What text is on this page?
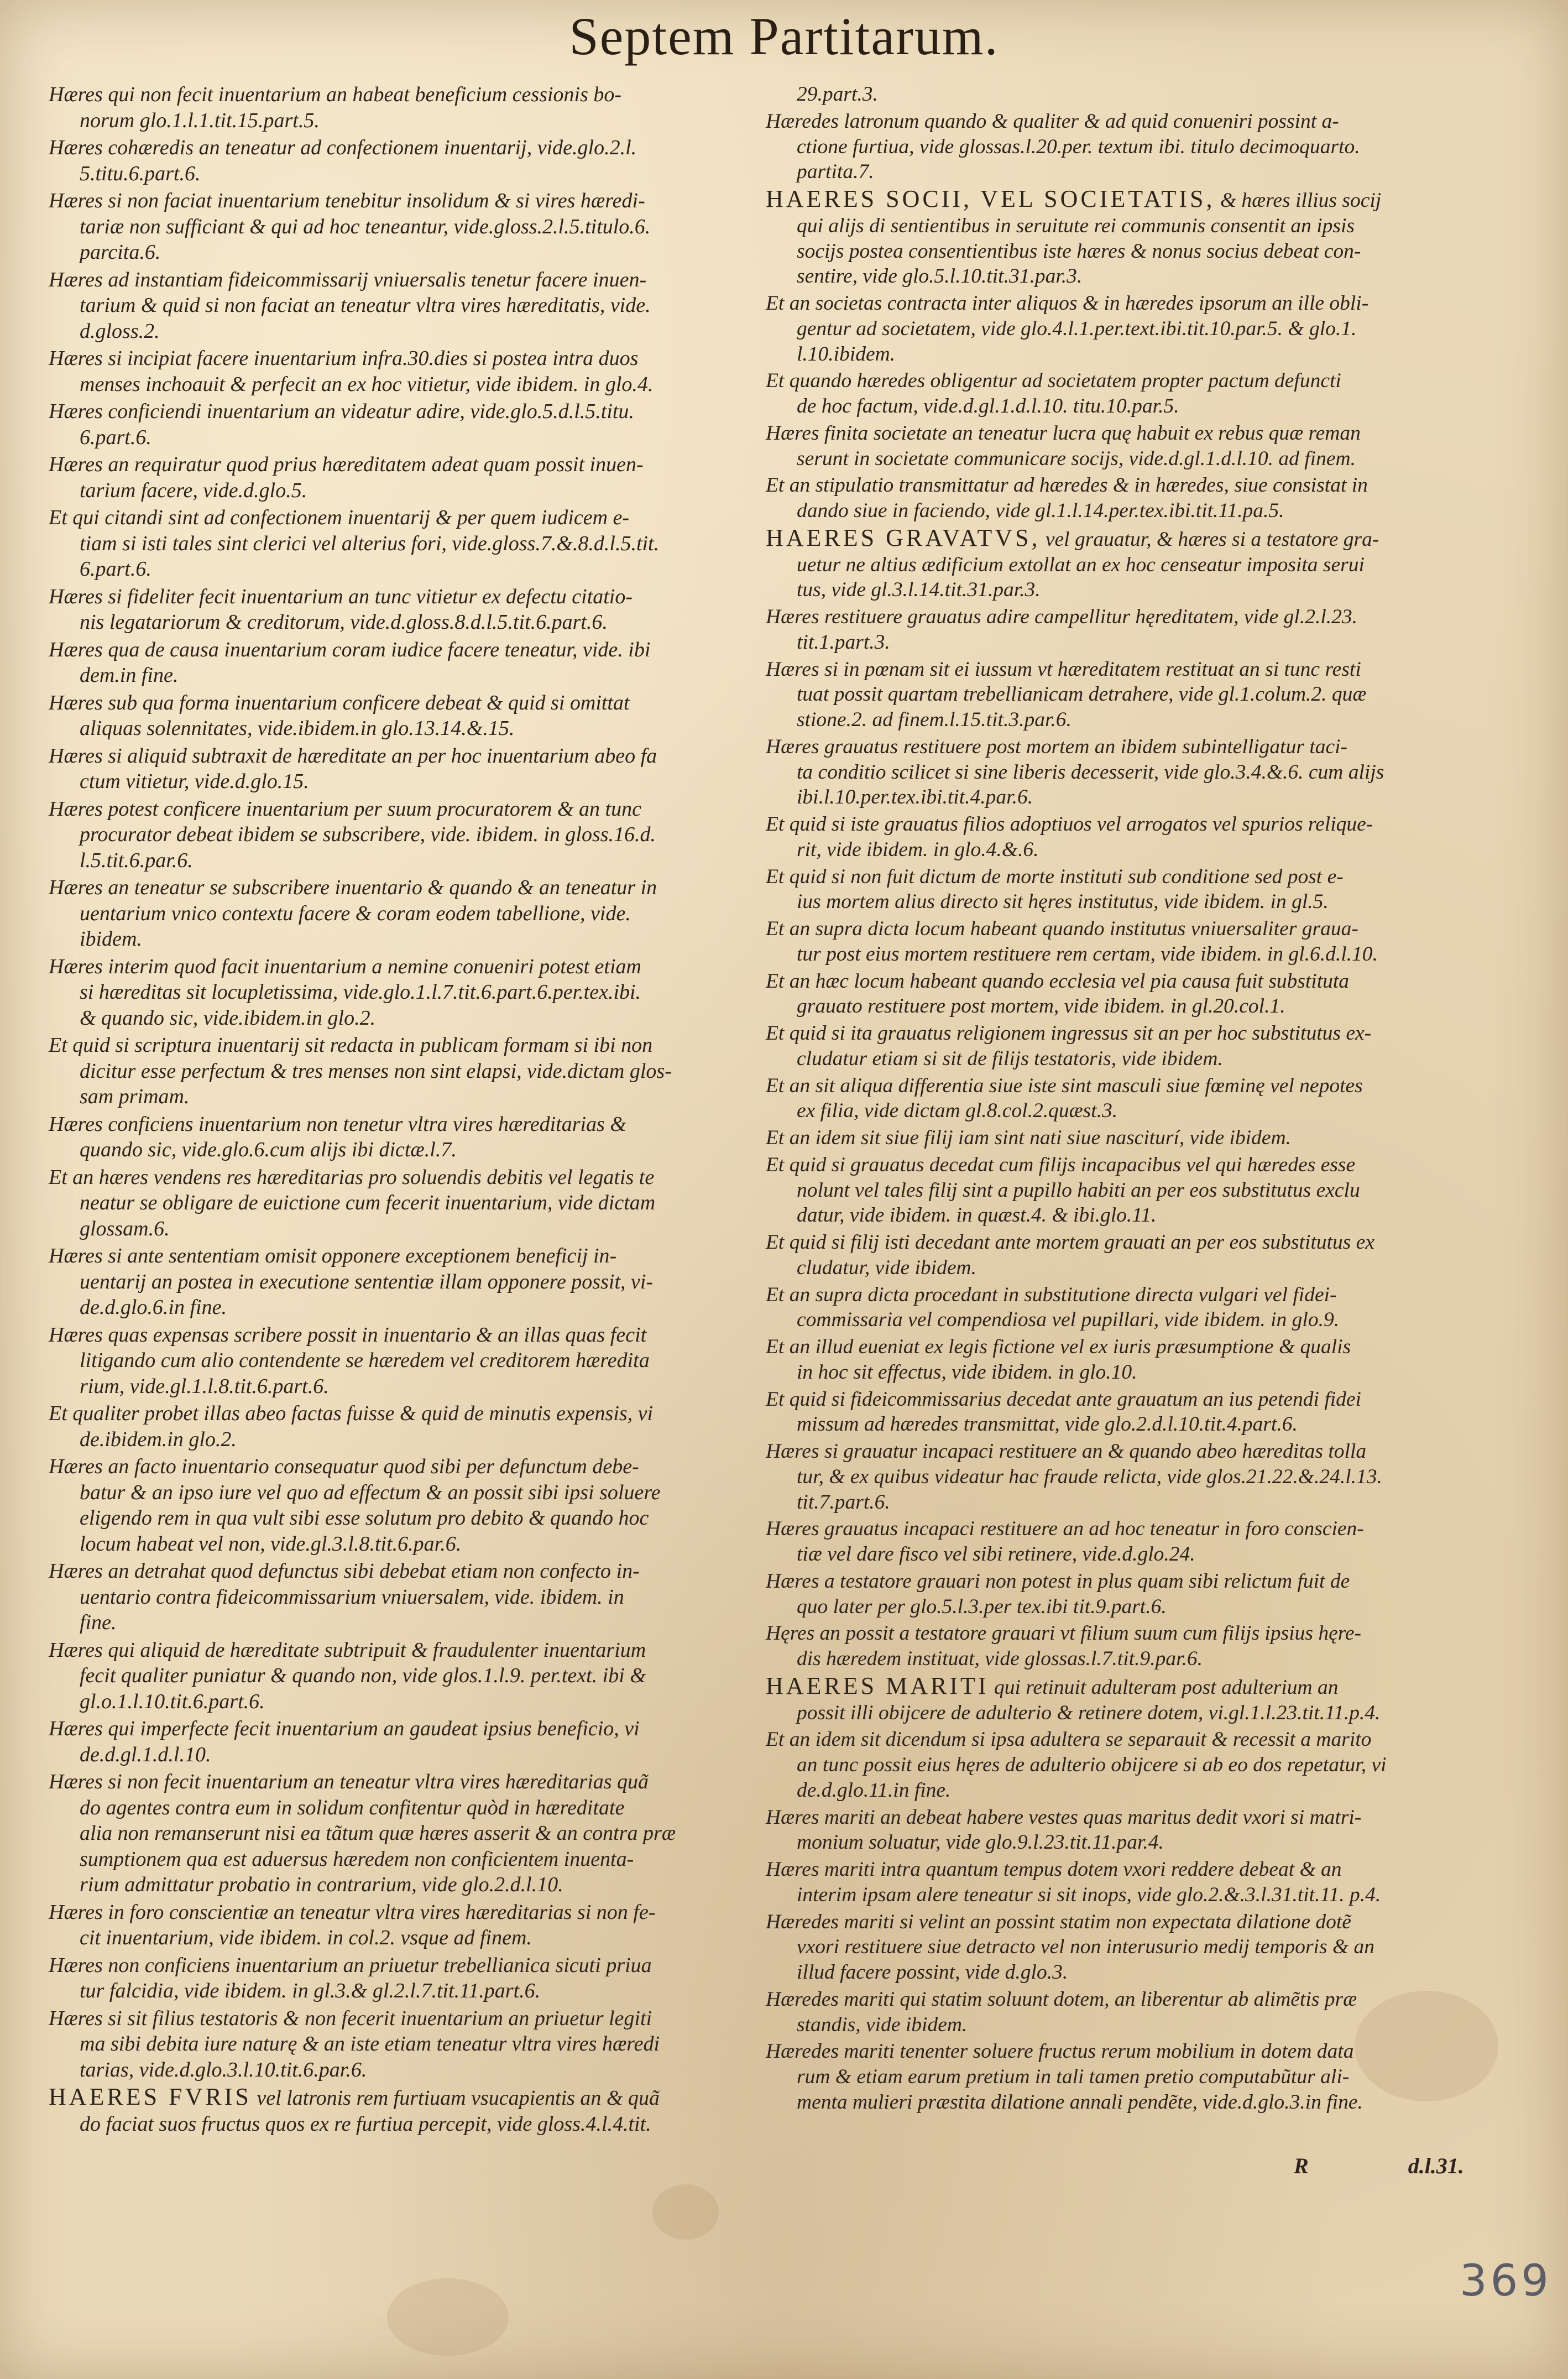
Septem Partitarum.

Hæres qui non fecit inuentarium an habeat beneficium cessionis bo-
norum glo.1.l.1.tit.15.part.5.

Hæres cohæredis an teneatur ad confectionem inuentarij, vide.glo.2.l.
5.titu.6.part.6.

Hæres si non faciat inuentarium tenebitur insolidum & si vires hæredi-
tariæ non sufficiant & qui ad hoc teneantur, vide.gloss.2.l.5.titulo.6.
parcita.6.

Hæres ad instantiam fideicommissarij vniuersalis tenetur facere inuen-
tarium & quid si non faciat an teneatur vltra vires hæreditatis, vide.
d.gloss.2.

Hæres si incipiat facere inuentarium infra.30.dies si postea intra duos
menses inchoauit & perfecit an ex hoc vitietur, vide ibidem. in glo.4.

Hæres conficiendi inuentarium an videatur adire, vide.glo.5.d.l.5.titu.
6.part.6.

Hæres an requiratur quod prius hæreditatem adeat quam possit inuen-
tarium facere, vide.d.glo.5.

Et qui citandi sint ad confectionem inuentarij & per quem iudicem e-
tiam si isti tales sint clerici vel alterius fori, vide.gloss.7.&.8.d.l.5.tit.
6.part.6.

Hæres si fideliter fecit inuentarium an tunc vitietur ex defectu citatio-
nis legatariorum & creditorum, vide.d.gloss.8.d.l.5.tit.6.part.6.

Hæres qua de causa inuentarium coram iudice facere teneatur, vide. ibi
dem.in fine.

Hæres sub qua forma inuentarium conficere debeat & quid si omittat
aliquas solennitates, vide.ibidem.in glo.13.14.&.15.

Hæres si aliquid subtraxit de hæreditate an per hoc inuentarium abeo fa
ctum vitietur, vide.d.glo.15.

Hæres potest conficere inuentarium per suum procuratorem & an tunc
procurator debeat ibidem se subscribere, vide. ibidem. in gloss.16.d.
l.5.tit.6.par.6.

Hæres an teneatur se subscribere inuentario & quando & an teneatur in
uentarium vnico contextu facere & coram eodem tabellione, vide.
ibidem.

Hæres interim quod facit inuentarium a nemine conueniri potest etiam
si hæreditas sit locupletissima, vide.glo.1.l.7.tit.6.part.6.per.tex.ibi.
& quando sic, vide.ibidem.in glo.2.

Et quid si scriptura inuentarij sit redacta in publicam formam si ibi non
dicitur esse perfectum & tres menses non sint elapsi, vide.dictam glos-
sam primam.

Hæres conficiens inuentarium non tenetur vltra vires hæreditarias &
quando sic, vide.glo.6.cum alijs ibi dictæ.l.7.

Et an hæres vendens res hæreditarias pro soluendis debitis vel legatis te
neatur se obligare de euictione cum fecerit inuentarium, vide dictam
glossam.6.

Hæres si ante sententiam omisit opponere exceptionem beneficij in-
uentarij an postea in executione sententiæ illam opponere possit, vi-
de.d.glo.6.in fine.

Hæres quas expensas scribere possit in inuentario & an illas quas fecit
litigando cum alio contendente se hæredem vel creditorem hæredita
rium, vide.gl.1.l.8.tit.6.part.6.

Et qualiter probet illas abeo factas fuisse & quid de minutis expensis, vi
de.ibidem.in glo.2.

Hæres an facto inuentario consequatur quod sibi per defunctum debe-
batur & an ipso iure vel quo ad effectum & an possit sibi ipsi soluere
eligendo rem in qua vult sibi esse solutum pro debito & quando hoc
locum habeat vel non, vide.gl.3.l.8.tit.6.par.6.

Hæres an detrahat quod defunctus sibi debebat etiam non confecto in-
uentario contra fideicommissarium vniuersalem, vide. ibidem. in
fine.

Hæres qui aliquid de hæreditate subtripuit & fraudulenter inuentarium
fecit qualiter puniatur & quando non, vide glos.1.l.9. per.text. ibi &
gl.o.1.l.10.tit.6.part.6.

Hæres qui imperfecte fecit inuentarium an gaudeat ipsius beneficio, vi
de.d.gl.1.d.l.10.

Hæres si non fecit inuentarium an teneatur vltra vires hæreditarias quã
do agentes contra eum in solidum confitentur quòd in hæreditate
alia non remanserunt nisi ea tãtum quæ hæres asserit & an contra præ
sumptionem qua est aduersus hæredem non conficientem inuenta-
rium admittatur probatio in contrarium, vide glo.2.d.l.10.

Hæres in foro conscientiæ an teneatur vltra vires hæreditarias si non fe-
cit inuentarium, vide ibidem. in col.2. vsque ad finem.

Hæres non conficiens inuentarium an priuetur trebellianica sicuti priua
tur falcidia, vide ibidem. in gl.3.& gl.2.l.7.tit.11.part.6.

Hæres si sit filius testatoris & non fecerit inuentarium an priuetur legiti
ma sibi debita iure naturę & an iste etiam teneatur vltra vires hæredi
tarias, vide.d.glo.3.l.10.tit.6.par.6.

HAERES FVRIS vel latronis rem furtiuam vsucapientis an & quã
do faciat suos fructus quos ex re furtiua percepit, vide gloss.4.l.4.tit.

29.part.3.

Hæredes latronum quando & qualiter & ad quid conueniri possint a-
ctione furtiua, vide glossas.l.20.per. textum ibi. titulo decimoquarto.
partita.7.

HAERES SOCII, VEL SOCIETATIS, & hæres illius socij
qui alijs di sentientibus in seruitute rei communis consentit an ipsis
socijs postea consentientibus iste hæres & nonus socius debeat con-
sentire, vide glo.5.l.10.tit.31.par.3.

Et an societas contracta inter aliquos & in hæredes ipsorum an ille obli-
gentur ad societatem, vide glo.4.l.1.per.text.ibi.tit.10.par.5. & glo.1.
l.10.ibidem.

Et quando hæredes obligentur ad societatem propter pactum defuncti
de hoc factum, vide.d.gl.1.d.l.10. titu.10.par.5.

Hæres finita societate an teneatur lucra quę habuit ex rebus quæ reman
serunt in societate communicare socijs, vide.d.gl.1.d.l.10. ad finem.

Et an stipulatio transmittatur ad hæredes & in hæredes, siue consistat in
dando siue in faciendo, vide gl.1.l.14.per.tex.ibi.tit.11.pa.5.

HAERES GRAVATVS, vel grauatur, & hæres si a testatore gra-
uetur ne altius ædificium extollat an ex hoc censeatur imposita serui
tus, vide gl.3.l.14.tit.31.par.3.

Hæres restituere grauatus adire campellitur hęreditatem, vide gl.2.l.23.
tit.1.part.3.

Hæres si in pœnam sit ei iussum vt hæreditatem restituat an si tunc resti
tuat possit quartam trebellianicam detrahere, vide gl.1.colum.2. quæ
stione.2. ad finem.l.15.tit.3.par.6.

Hæres grauatus restituere post mortem an ibidem subintelligatur taci-
ta conditio scilicet si sine liberis decesserit, vide glo.3.4.&.6. cum alijs
ibi.l.10.per.tex.ibi.tit.4.par.6.

Et quid si iste grauatus filios adoptiuos vel arrogatos vel spurios relique-
rit, vide ibidem. in glo.4.&.6.

Et quid si non fuit dictum de morte instituti sub conditione sed post e-
ius mortem alius directo sit hęres institutus, vide ibidem. in gl.5.

Et an supra dicta locum habeant quando institutus vniuersaliter graua-
tur post eius mortem restituere rem certam, vide ibidem. in gl.6.d.l.10.

Et an hæc locum habeant quando ecclesia vel pia causa fuit substituta
grauato restituere post mortem, vide ibidem. in gl.20.col.1.

Et quid si ita grauatus religionem ingressus sit an per hoc substitutus ex-
cludatur etiam si sit de filijs testatoris, vide ibidem.

Et an sit aliqua differentia siue iste sint masculi siue fœminę vel nepotes
ex filia, vide dictam gl.8.col.2.quæst.3.

Et an idem sit siue filij iam sint nati siue nasciturí, vide ibidem.

Et quid si grauatus decedat cum filijs incapacibus vel qui hæredes esse
nolunt vel tales filij sint a pupillo habiti an per eos substitutus exclu
datur, vide ibidem. in quæst.4. & ibi.glo.11.

Et quid si filij isti decedant ante mortem grauati an per eos substitutus ex
cludatur, vide ibidem.

Et an supra dicta procedant in substitutione directa vulgari vel fidei-
commissaria vel compendiosa vel pupillari, vide ibidem. in glo.9.

Et an illud eueniat ex legis fictione vel ex iuris præsumptione & qualis
in hoc sit effectus, vide ibidem. in glo.10.

Et quid si fideicommissarius decedat ante grauatum an ius petendi fidei
missum ad hæredes transmittat, vide glo.2.d.l.10.tit.4.part.6.

Hæres si grauatur incapaci restituere an & quando abeo hæreditas tolla
tur, & ex quibus videatur hac fraude relicta, vide glos.21.22.&.24.l.13.
tit.7.part.6.

Hæres grauatus incapaci restituere an ad hoc teneatur in foro conscien-
tiæ vel dare fisco vel sibi retinere, vide.d.glo.24.

Hæres a testatore grauari non potest in plus quam sibi relictum fuit de
quo later per glo.5.l.3.per tex.ibi tit.9.part.6.

Hęres an possit a testatore grauari vt filium suum cum filijs ipsius hęre-
dis hæredem instituat, vide glossas.l.7.tit.9.par.6.

HAERES MARITI qui retinuit adulteram post adulterium an
possit illi obijcere de adulterio & retinere dotem, vi.gl.1.l.23.tit.11.p.4.

Et an idem sit dicendum si ipsa adultera se separauit & recessit a marito
an tunc possit eius hęres de adulterio obijcere si ab eo dos repetatur, vi
de.d.glo.11.in fine.

Hæres mariti an debeat habere vestes quas maritus dedit vxori si matri-
monium soluatur, vide glo.9.l.23.tit.11.par.4.

Hæres mariti intra quantum tempus dotem vxori reddere debeat & an
interim ipsam alere teneatur si sit inops, vide glo.2.&.3.l.31.tit.11. p.4.

Hæredes mariti si velint an possint statim non expectata dilatione dotẽ
vxori restituere siue detracto vel non interusurio medij temporis & an
illud facere possint, vide d.glo.3.

Hæredes mariti qui statim soluunt dotem, an liberentur ab alimẽtis præ
standis, vide ibidem.

Hæredes mariti tenenter soluere fructus rerum mobilium in dotem data
rum & etiam earum pretium in tali tamen pretio computabũtur ali-
menta mulieri præstita dilatione annali pendẽte, vide.d.glo.3.in fine.

R	d.l.31.
369
